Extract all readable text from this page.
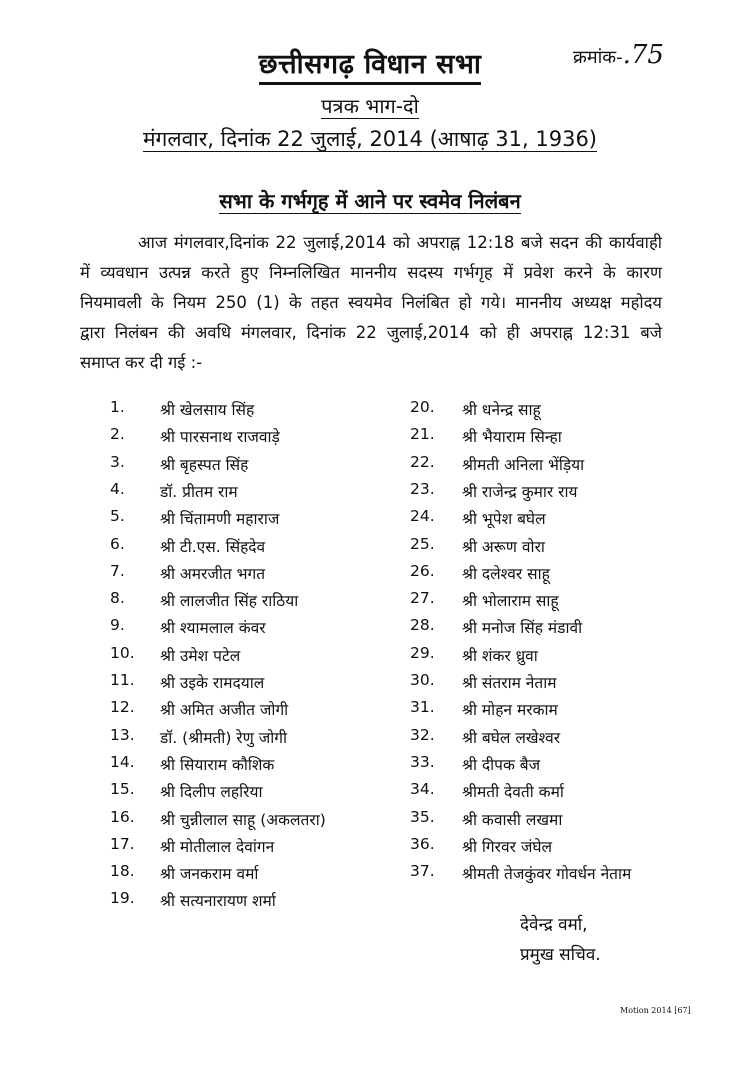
छत्तीसगढ़ विधान सभा	क्रमांक-.75
पत्रक भाग-दो
मंगलवार, दिनांक 22 जुलाई, 2014 (आषाढ़ 31, 1936)
सभा के गर्भगृह में आने पर स्वमेव निलंबन
आज मंगलवार,दिनांक 22 जुलाई,2014 को अपराह्न 12:18 बजे सदन की कार्यवाही
में व्यवधान उत्पन्न करते हुए निम्नलिखित माननीय सदस्य गर्भगृह में प्रवेश करने के कारण
नियमावली के नियम 250 (1) के तहत स्वयमेव निलंबित हो गये। माननीय अध्यक्ष महोदय
द्वारा निलंबन की अवधि मंगलवार, दिनांक 22 जुलाई,2014 को ही अपराह्न 12:31 बजे
समाप्त कर दी गई :-
1. श्री खेलसाय सिंह
2. श्री पारसनाथ राजवाड़े
3. श्री बृहस्पत सिंह
4. डॉ. प्रीतम राम
5. श्री चिंतामणी महाराज
6. श्री टी.एस. सिंहदेव
7. श्री अमरजीत भगत
8. श्री लालजीत सिंह राठिया
9. श्री श्यामलाल कंवर
10. श्री उमेश पटेल
11. श्री उइके रामदयाल
12. श्री अमित अजीत जोगी
13. डॉ. (श्रीमती) रेणु जोगी
14. श्री सियाराम कौशिक
15. श्री दिलीप लहरिया
16. श्री चुन्नीलाल साहू (अकलतरा)
17. श्री मोतीलाल देवांगन
18. श्री जनकराम वर्मा
19. श्री सत्यनारायण शर्मा
20. श्री धनेन्द्र साहू
21. श्री भैयाराम सिन्हा
22. श्रीमती अनिला भेंड़िया
23. श्री राजेन्द्र कुमार राय
24. श्री भूपेश बघेल
25. श्री अरूण वोरा
26. श्री दलेश्वर साहू
27. श्री भोलाराम साहू
28. श्री मनोज सिंह मंडावी
29. श्री शंकर ध्रुवा
30. श्री संतराम नेताम
31. श्री मोहन मरकाम
32. श्री बघेल लखेश्वर
33. श्री दीपक बैज
34. श्रीमती देवती कर्मा
35. श्री कवासी लखमा
36. श्री गिरवर जंघेल
37. श्रीमती तेजकुंवर गोवर्धन नेताम
देवेन्द्र वर्मा,
प्रमुख सचिव.
Motion 2014 [67]
